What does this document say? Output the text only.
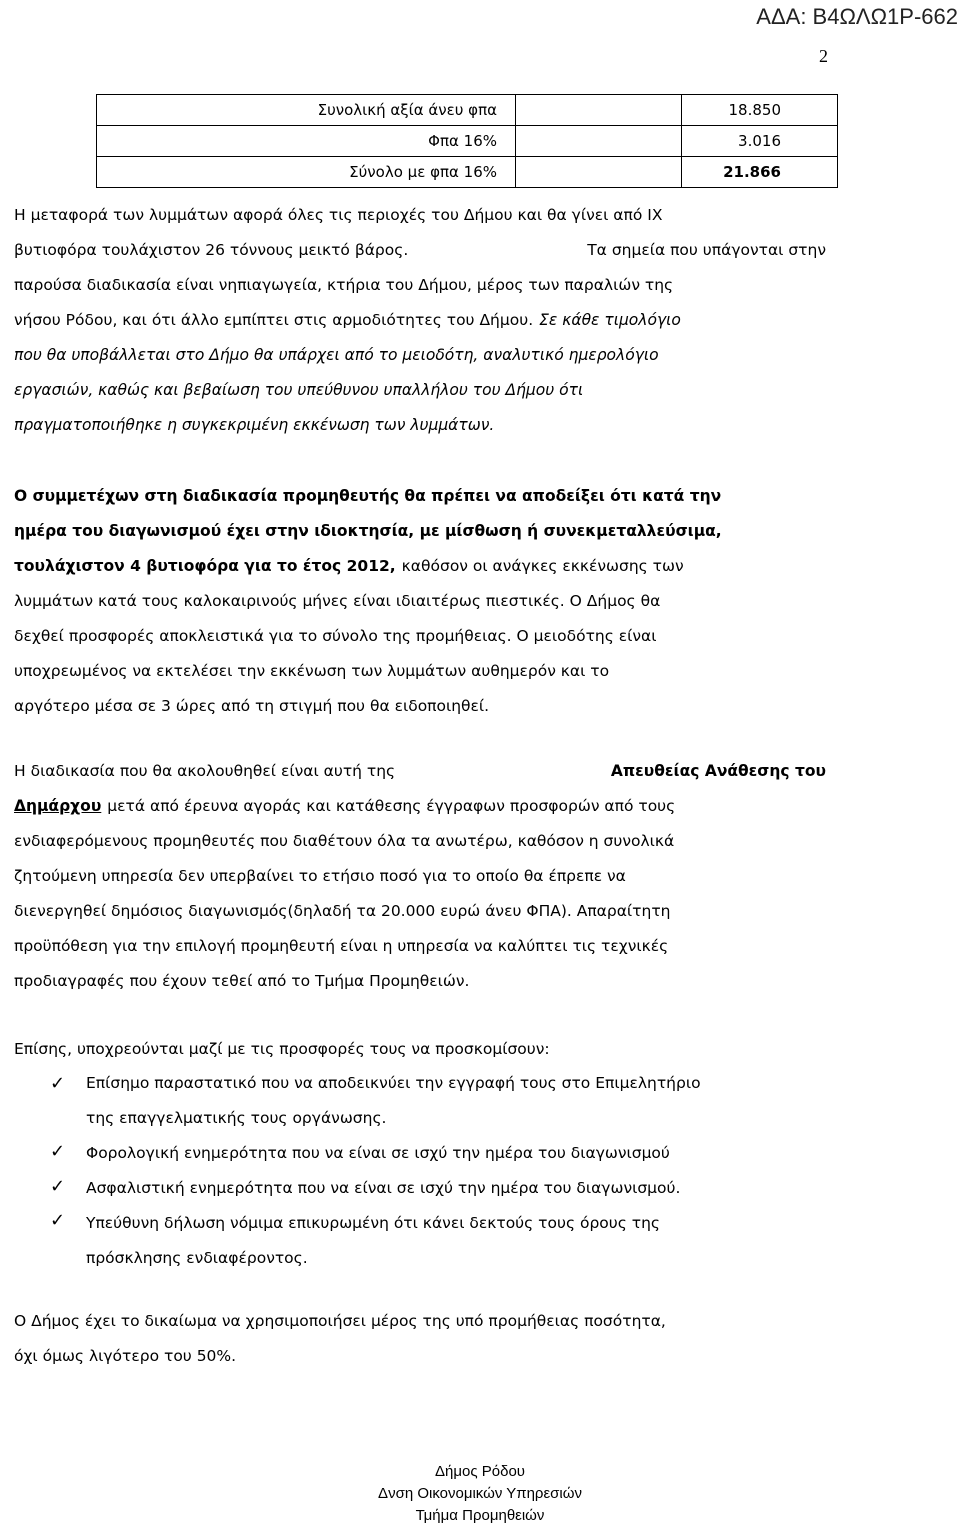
ΑΔΑ: Β4ΩΛΩ1Ρ-662
2
Συνολική αξία άνευ φπα		18.850
Φπα 16%		3.016
Σύνολο με φπα 16%		21.866
Η μεταφορά των λυμμάτων αφορά όλες τις περιοχές του Δήμου και θα γίνει από ΙΧ
βυτιοφόρα τουλάχιστον 26 τόννους μεικτό βάρος.	Τα σημεία που υπάγονται στην
παρούσα διαδικασία είναι νηπιαγωγεία, κτήρια του Δήμου, μέρος των παραλιών της
νήσου Ρόδου, και ότι άλλο εμπίπτει στις αρμοδιότητες του Δήμου. Σε κάθε τιμολόγιο
που θα υποβάλλεται στο Δήμο θα υπάρχει από το μειοδότη, αναλυτικό ημερολόγιο
εργασιών, καθώς και βεβαίωση του υπεύθυνου υπαλλήλου του Δήμου ότι
πραγματοποιήθηκε η συγκεκριμένη εκκένωση των λυμμάτων.
Ο συμμετέχων στη διαδικασία προμηθευτής θα πρέπει να αποδείξει ότι κατά την
ημέρα του διαγωνισμού έχει στην ιδιοκτησία, με μίσθωση ή συνεκμεταλλεύσιμα,
τουλάχιστον 4 βυτιοφόρα για το έτος 2012, καθόσον οι ανάγκες εκκένωσης των
λυμμάτων κατά τους καλοκαιρινούς μήνες είναι ιδιαιτέρως πιεστικές. Ο Δήμος θα
δεχθεί προσφορές αποκλειστικά για το σύνολο της προμήθειας. Ο μειοδότης είναι
υποχρεωμένος να εκτελέσει την εκκένωση των λυμμάτων αυθημερόν και το
αργότερο μέσα σε 3 ώρες από τη στιγμή που θα ειδοποιηθεί.
Η διαδικασία που θα ακολουθηθεί είναι αυτή της	Απευθείας Ανάθεσης του
Δημάρχου μετά από έρευνα αγοράς και κατάθεσης έγγραφων προσφορών από τους
ενδιαφερόμενους προμηθευτές που διαθέτουν όλα τα ανωτέρω, καθόσον η συνολικά
ζητούμενη υπηρεσία δεν υπερβαίνει το ετήσιο ποσό για το οποίο θα έπρεπε να
διενεργηθεί δημόσιος διαγωνισμός(δηλαδή τα 20.000 ευρώ άνευ ΦΠΑ). Απαραίτητη
προϋπόθεση για την επιλογή προμηθευτή είναι η υπηρεσία να καλύπτει τις τεχνικές
προδιαγραφές που έχουν τεθεί από το Τμήμα Προμηθειών.
Επίσης, υποχρεούνται μαζί με τις προσφορές τους να προσκομίσουν:
✓
✓
✓
✓
Επίσημο παραστατικό που να αποδεικνύει την εγγραφή τους στο Επιμελητήριο
της επαγγελματικής τους οργάνωσης.
Φορολογική ενημερότητα που να είναι σε ισχύ την ημέρα του διαγωνισμού
Ασφαλιστική ενημερότητα που να είναι σε ισχύ την ημέρα του διαγωνισμού.
Υπεύθυνη δήλωση νόμιμα επικυρωμένη ότι κάνει δεκτούς τους όρους της
πρόσκλησης ενδιαφέροντος.
Ο Δήμος έχει το δικαίωμα να χρησιμοποιήσει μέρος της υπό προμήθειας ποσότητα,
όχι όμως λιγότερο του 50%.
Δήμος Ρόδου
Δνση Οικονομικών Υπηρεσιών
Τμήμα Προμηθειών
